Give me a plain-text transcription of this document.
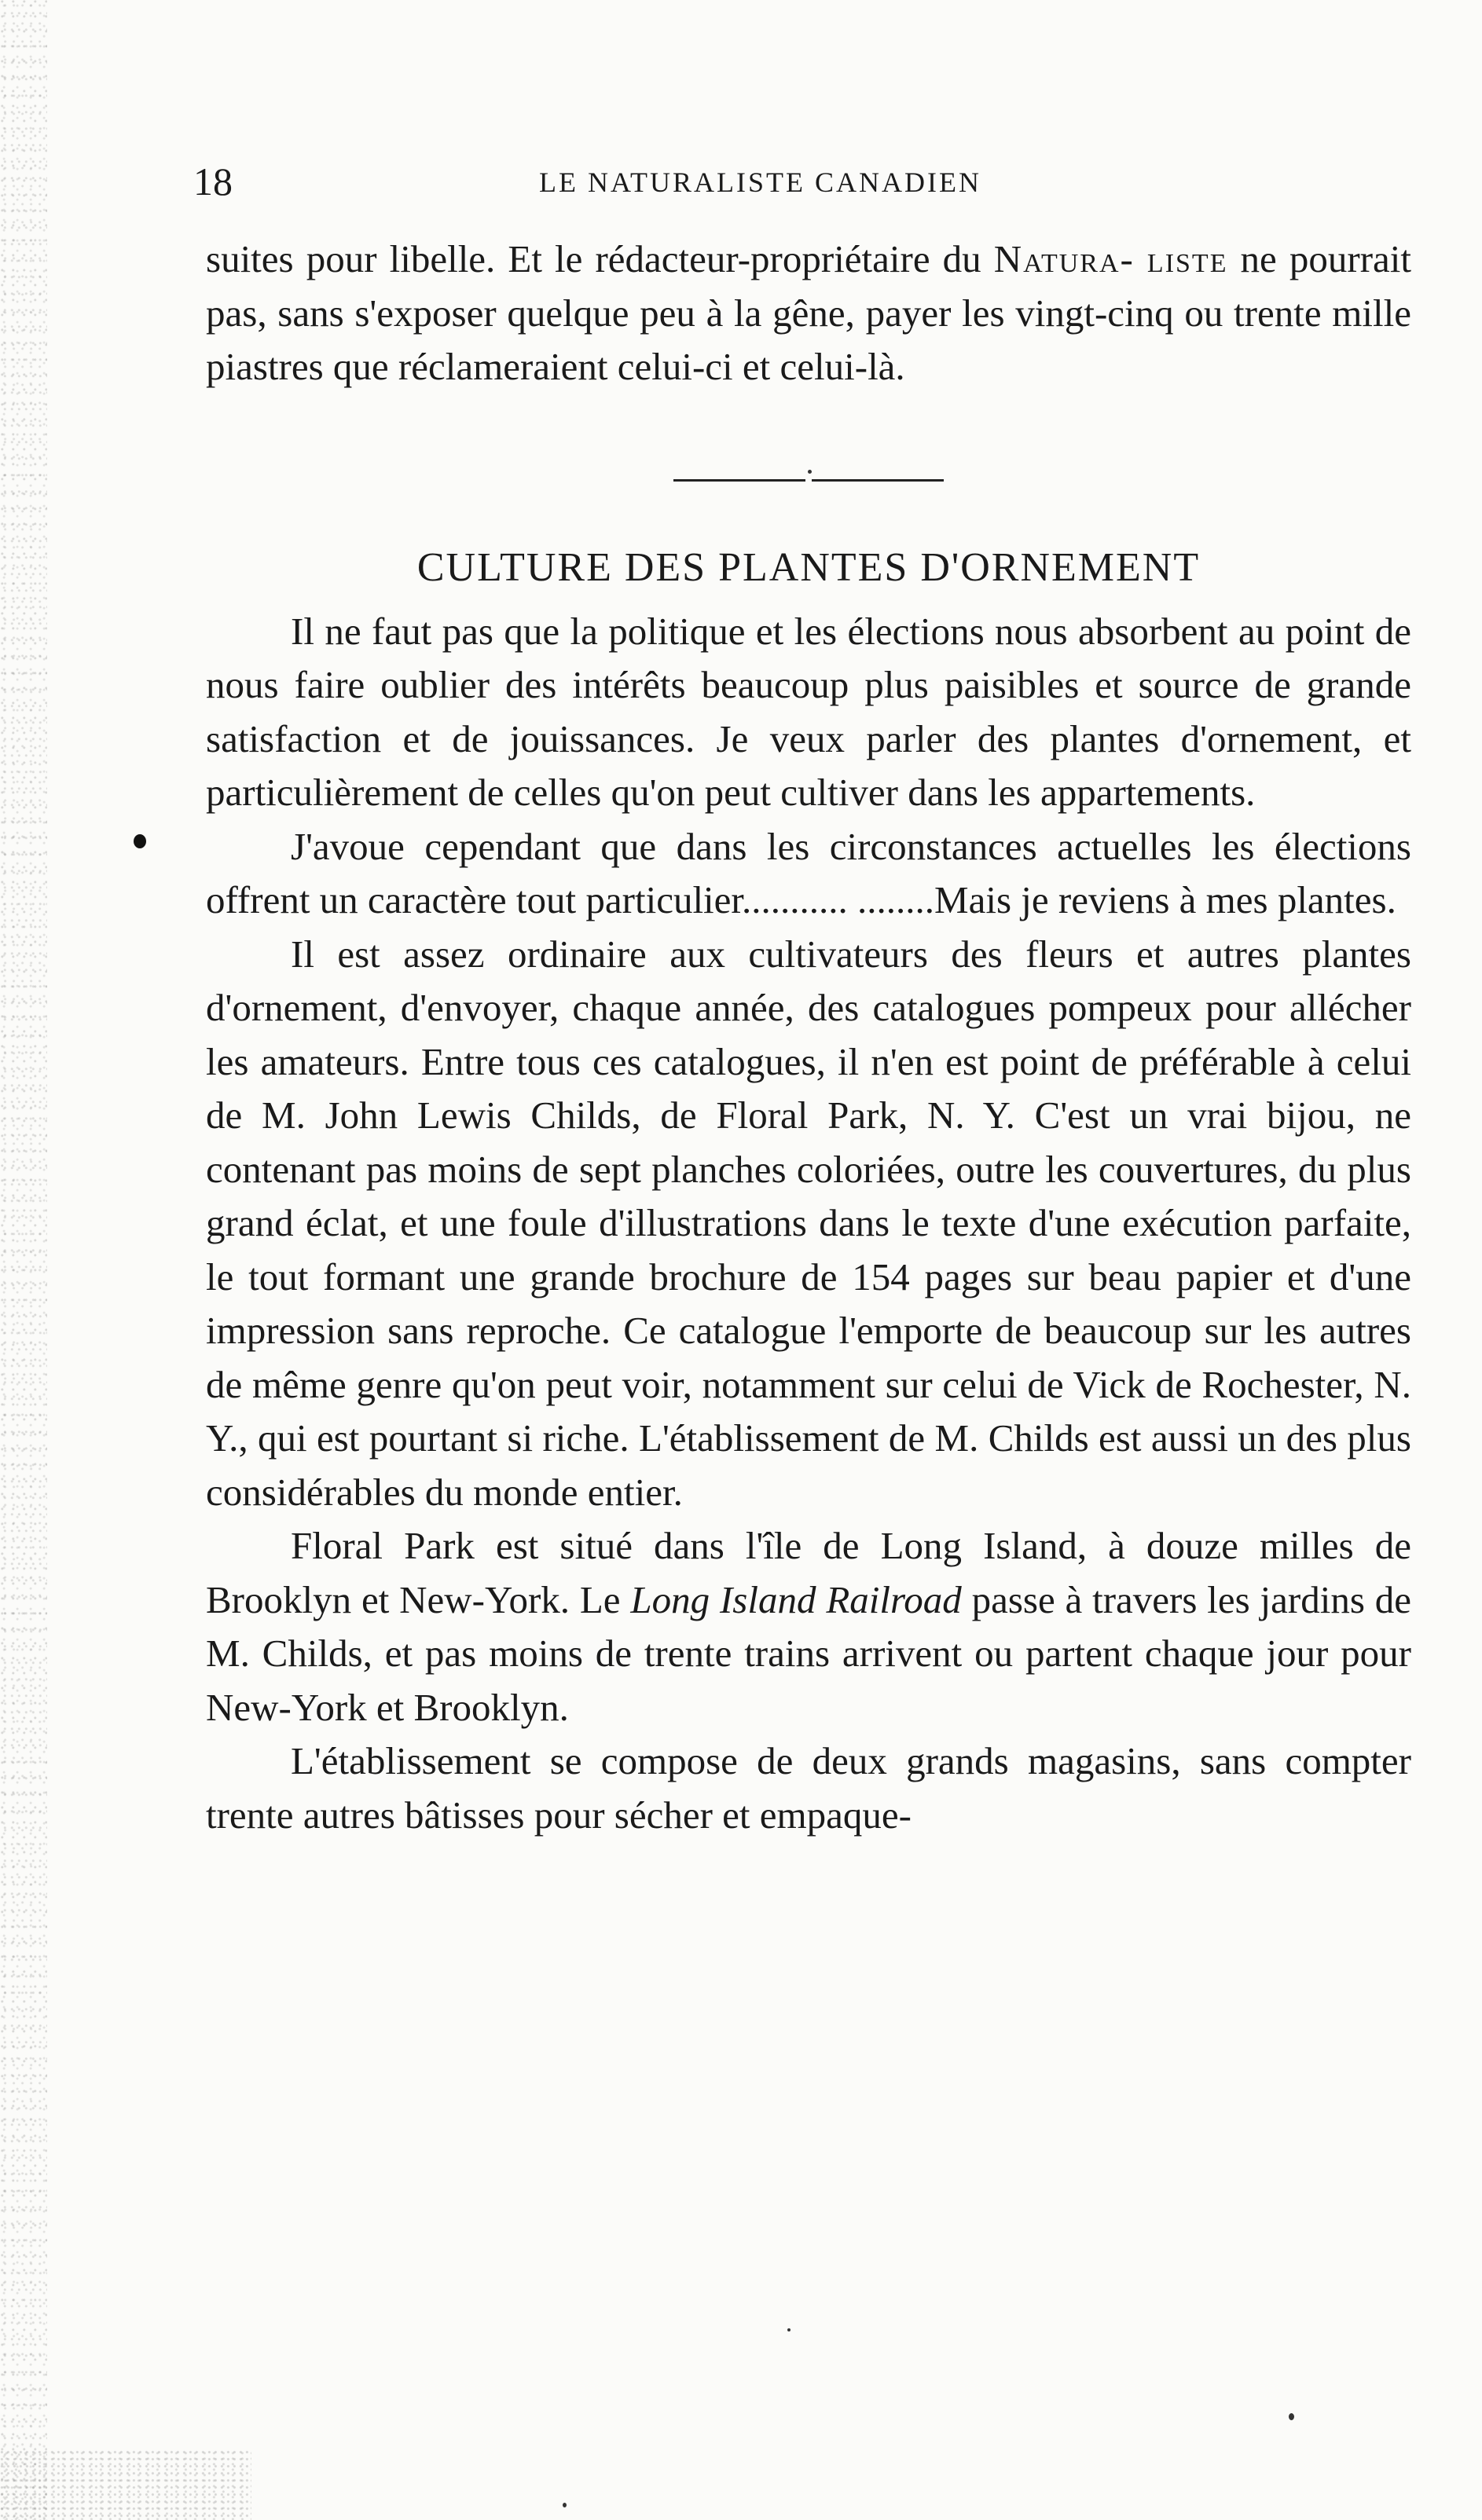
18	LE NATURALISTE CANADIEN

suites pour libelle. Et le rédacteur-propriétaire du Natura- liste ne pourrait pas, sans s'exposer quelque peu à la gêne, payer les vingt-cinq ou trente mille piastres que réclameraient celui-ci et celui-là.

CULTURE DES PLANTES D'ORNEMENT

Il ne faut pas que la politique et les élections nous absorbent au point de nous faire oublier des intérêts beaucoup plus paisibles et source de grande satisfaction et de jouissances. Je veux parler des plantes d'ornement, et particulièrement de celles qu'on peut cultiver dans les appartements.

J'avoue cependant que dans les circonstances actuelles les élections offrent un caractère tout particulier........... ........Mais je reviens à mes plantes.

Il est assez ordinaire aux cultivateurs des fleurs et autres plantes d'ornement, d'envoyer, chaque année, des catalogues pompeux pour allécher les amateurs. Entre tous ces catalogues, il n'en est point de préférable à celui de M. John Lewis Childs, de Floral Park, N. Y. C'est un vrai bijou, ne contenant pas moins de sept planches coloriées, outre les couvertures, du plus grand éclat, et une foule d'illustrations dans le texte d'une exécution parfaite, le tout formant une grande brochure de 154 pages sur beau papier et d'une impression sans reproche. Ce catalogue l'emporte de beaucoup sur les autres de même genre qu'on peut voir, notamment sur celui de Vick de Rochester, N. Y., qui est pourtant si riche. L'établissement de M. Childs est aussi un des plus considérables du monde entier.

Floral Park est situé dans l'île de Long Island, à douze milles de Brooklyn et New-York. Le Long Island Railroad passe à travers les jardins de M. Childs, et pas moins de trente trains arrivent ou partent chaque jour pour New-York et Brooklyn.

L'établissement se compose de deux grands magasins, sans compter trente autres bâtisses pour sécher et empaque-
